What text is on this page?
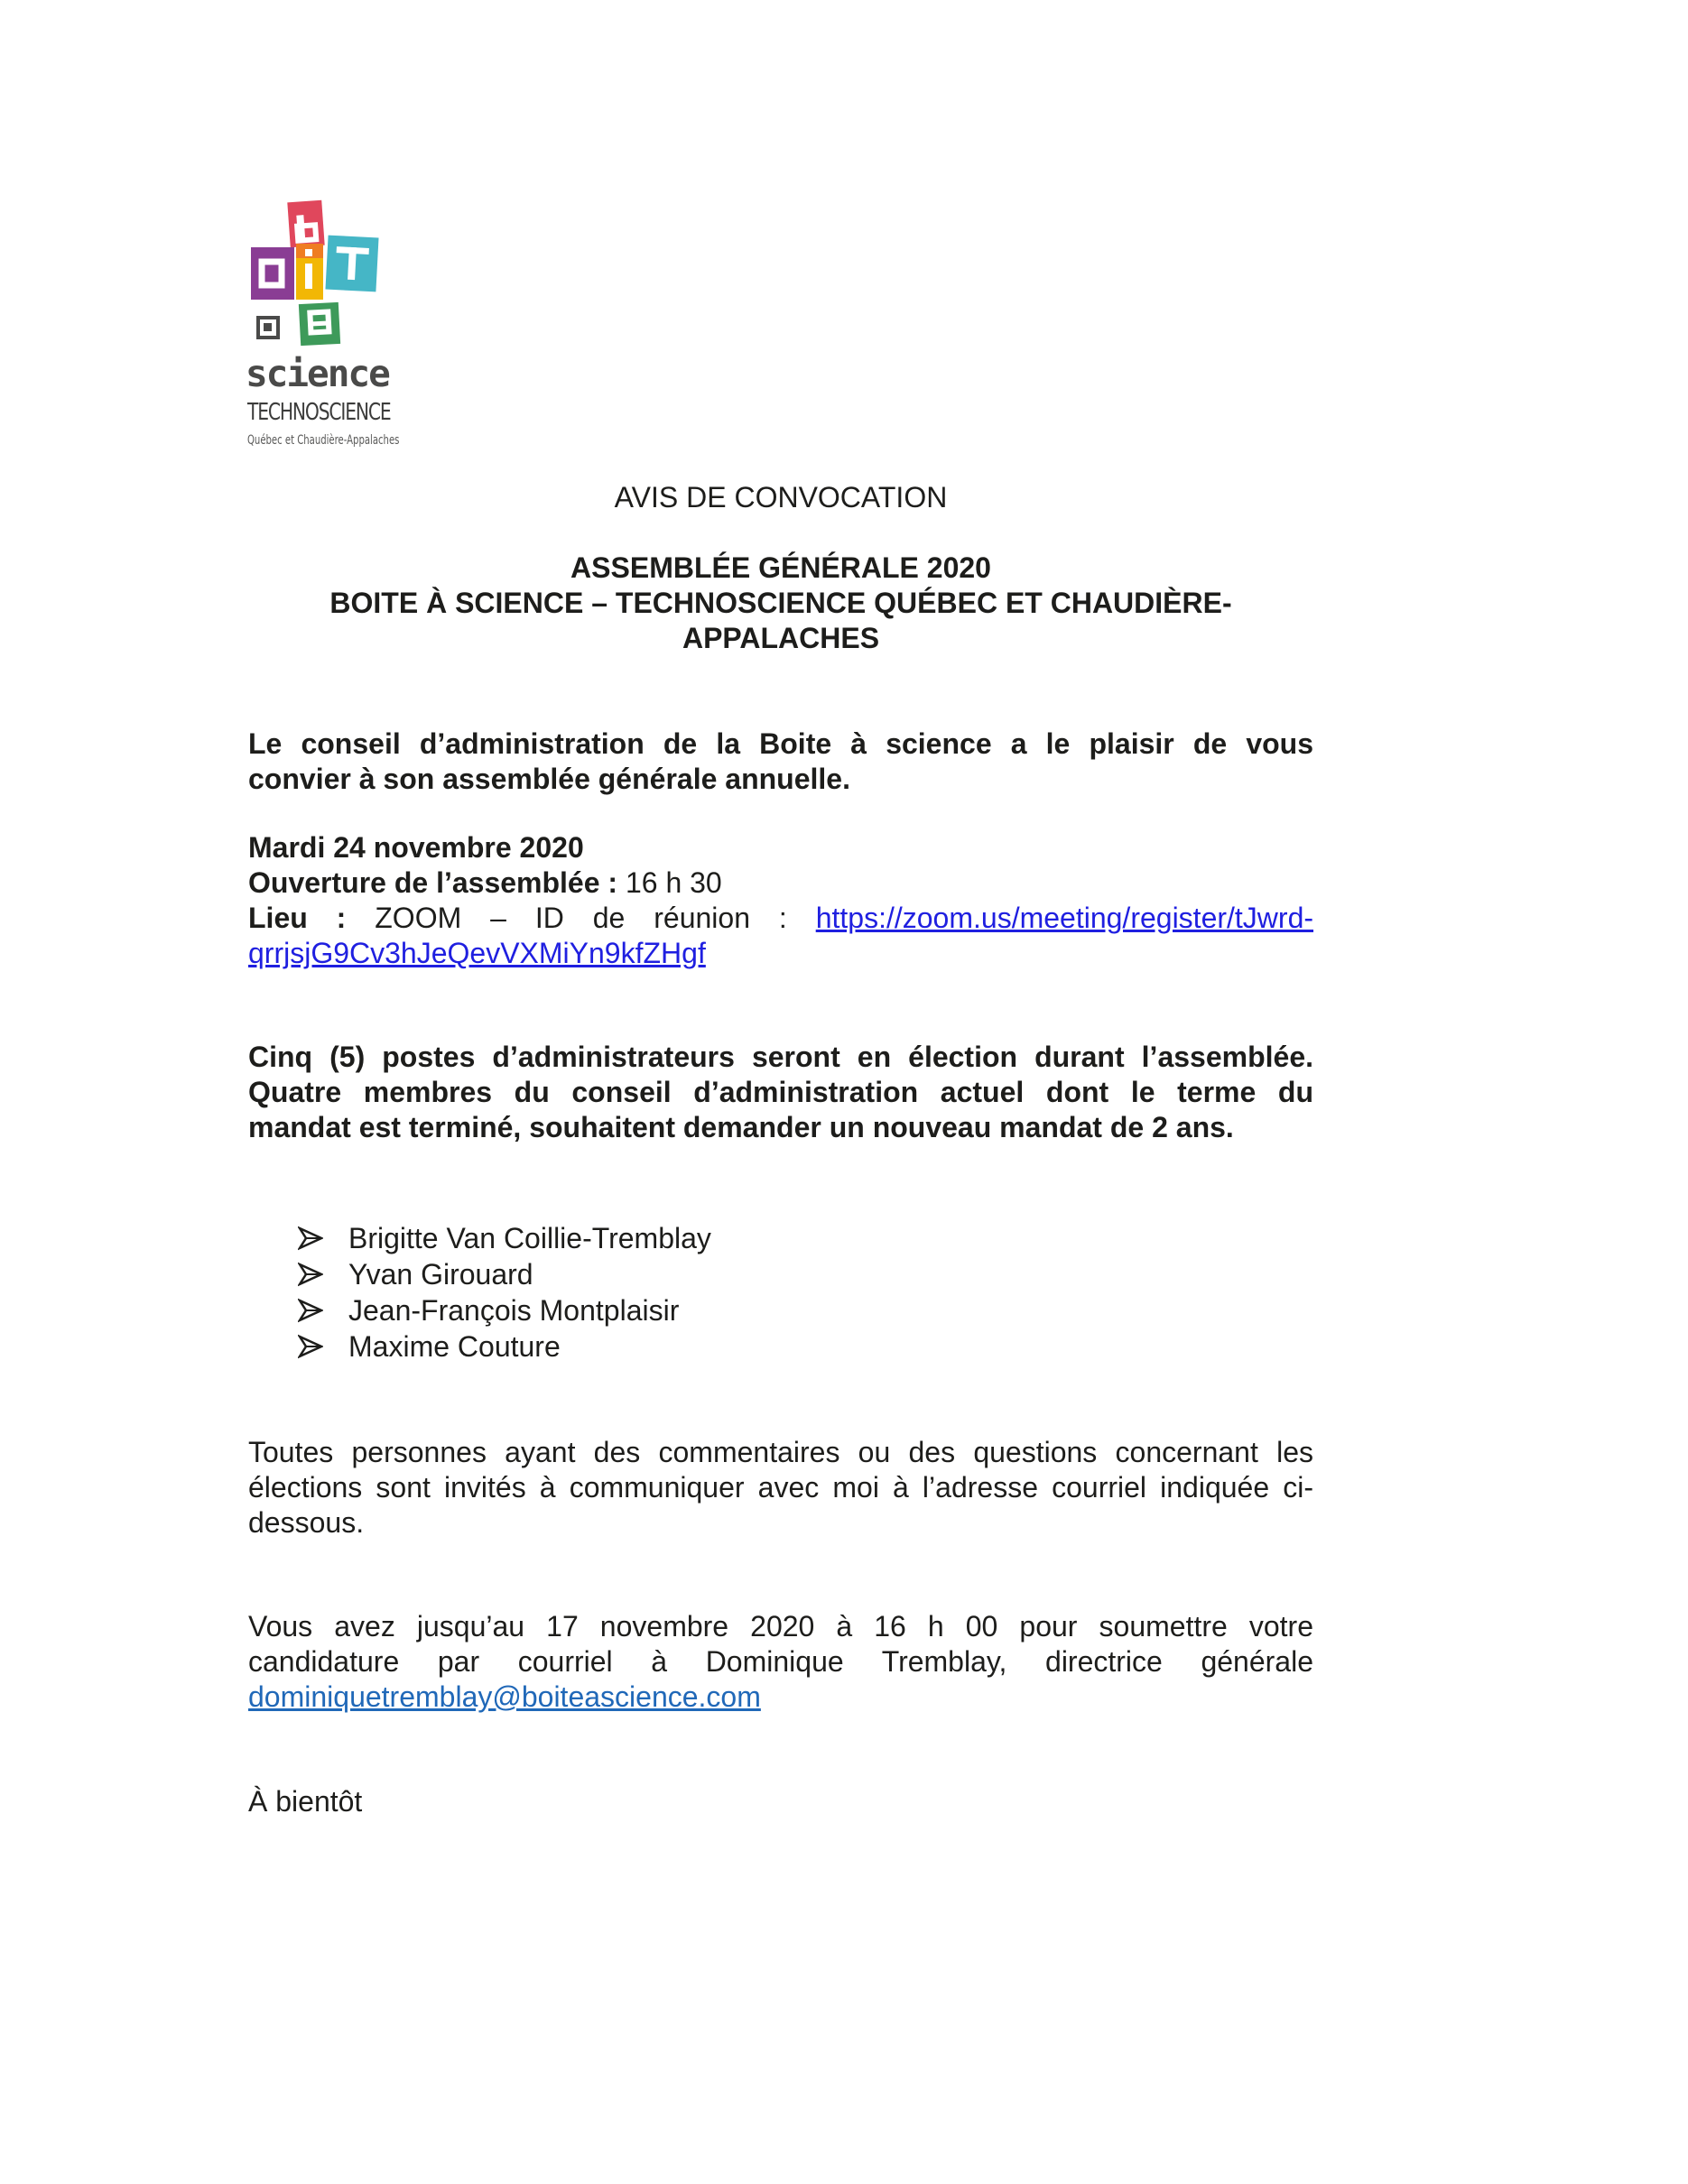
science
TECHNOSCIENCE
Québec et Chaudière-Appalaches
AVIS DE CONVOCATION
ASSEMBLÉE GÉNÉRALE 2020
BOITE À SCIENCE – TECHNOSCIENCE QUÉBEC ET CHAUDIÈRE-
APPALACHES
Le conseil d’administration de la Boite à science a le plaisir de vous
convier à son assemblée générale annuelle.
Mardi 24 novembre 2020
Ouverture de l’assemblée : 16 h 30
Lieu : ZOOM – ID de réunion : https://zoom.us/meeting/register/tJwrd-
qrrjsjG9Cv3hJeQevVXMiYn9kfZHgf
Cinq (5) postes d’administrateurs seront en élection durant l’assemblée.
Quatre membres du conseil d’administration actuel dont le terme du
mandat est terminé, souhaitent demander un nouveau mandat de 2 ans.
Brigitte Van Coillie-Tremblay
Yvan Girouard
Jean-François Montplaisir
Maxime Couture
Toutes personnes ayant des commentaires ou des questions concernant les
élections sont invités à communiquer avec moi à l’adresse courriel indiquée ci-
dessous.
Vous avez jusqu’au 17 novembre 2020 à 16 h 00 pour soumettre votre
candidature par courriel à Dominique Tremblay, directrice générale
dominiquetremblay@boiteascience.com
À bientôt
